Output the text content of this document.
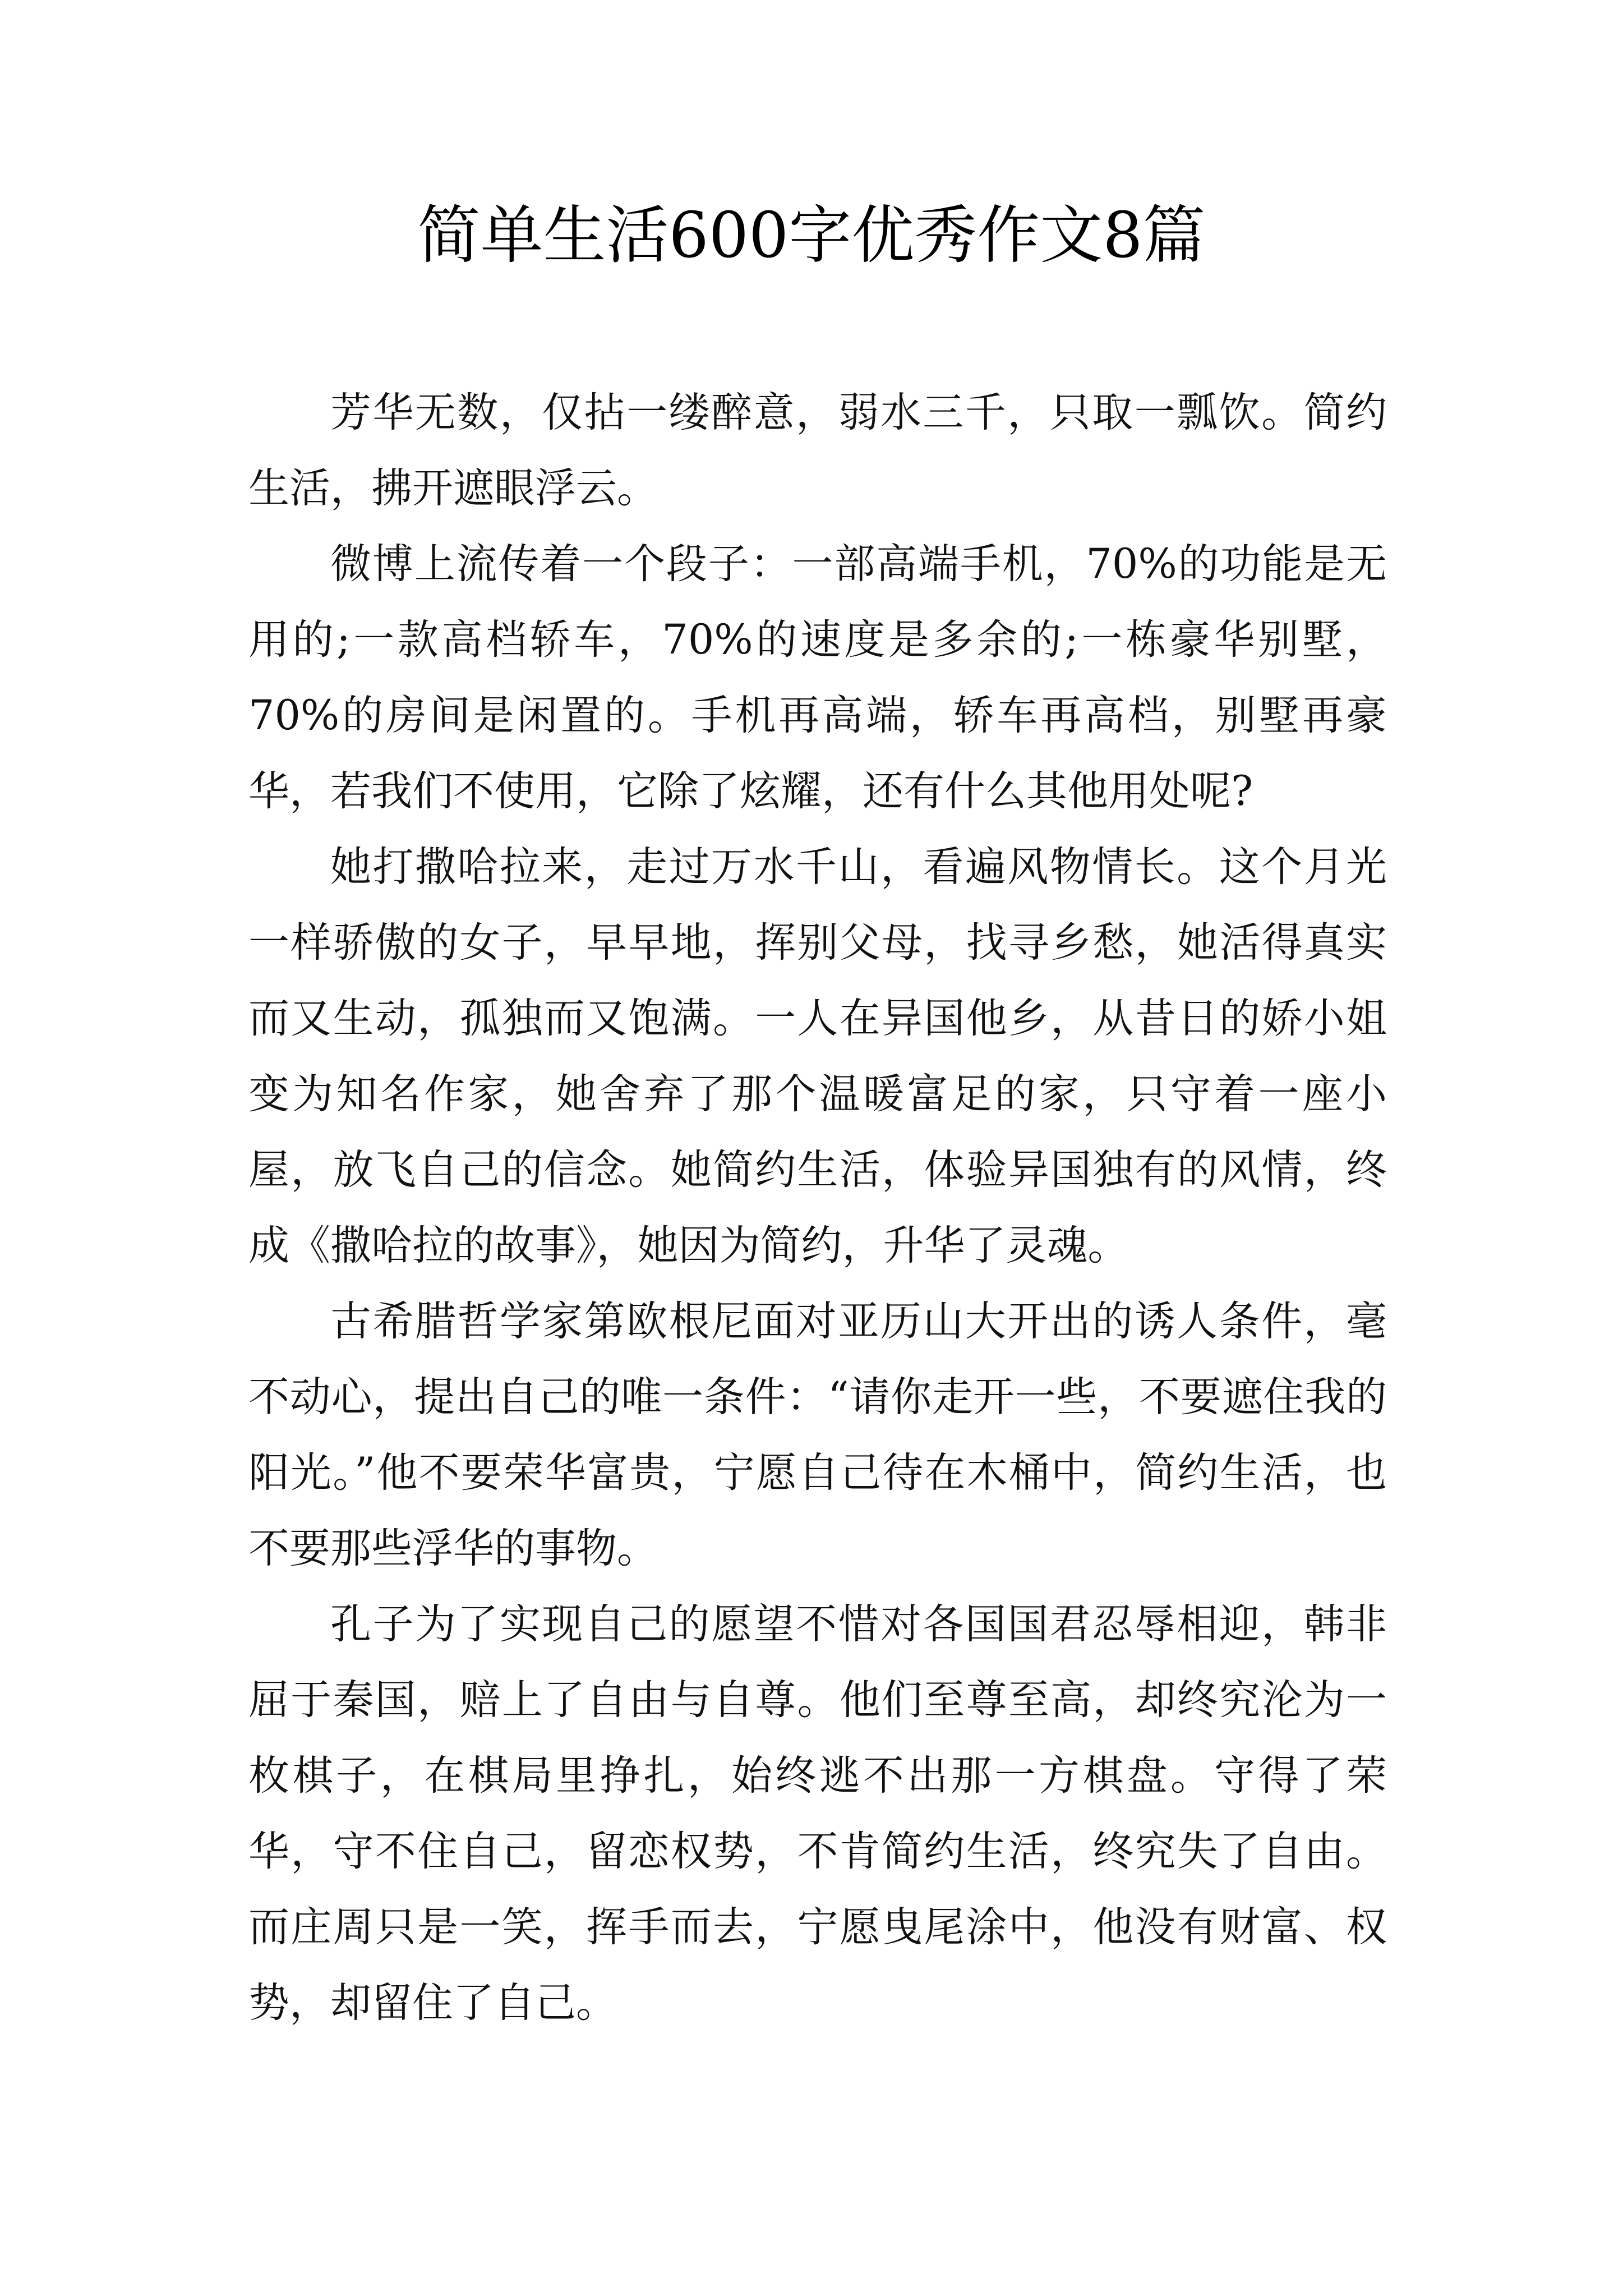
简单生活600字优秀作文8篇

芳华无数，仅拈一缕醉意，弱水三千，只取一瓢饮。简约生活，拂开遮眼浮云。

微博上流传着一个段子：一部高端手机，70%的功能是无用的;一款高档轿车，70%的速度是多余的;一栋豪华别墅，70%的房间是闲置的。手机再高端，轿车再高档，别墅再豪华，若我们不使用，它除了炫耀，还有什么其他用处呢?

她打撒哈拉来，走过万水千山，看遍风物情长。这个月光一样骄傲的女子，早早地，挥别父母，找寻乡愁，她活得真实而又生动，孤独而又饱满。一人在异国他乡，从昔日的娇小姐变为知名作家，她舍弃了那个温暖富足的家，只守着一座小屋，放飞自己的信念。她简约生活，体验异国独有的风情，终成《撒哈拉的故事》，她因为简约，升华了灵魂。

古希腊哲学家第欧根尼面对亚历山大开出的诱人条件，毫不动心，提出自己的唯一条件：“请你走开一些，不要遮住我的阳光。”他不要荣华富贵，宁愿自己待在木桶中，简约生活，也不要那些浮华的事物。

孔子为了实现自己的愿望不惜对各国国君忍辱相迎，韩非屈于秦国，赔上了自由与自尊。他们至尊至高，却终究沦为一枚棋子，在棋局里挣扎，始终逃不出那一方棋盘。守得了荣华，守不住自己，留恋权势，不肯简约生活，终究失了自由。而庄周只是一笑，挥手而去，宁愿曳尾涂中，他没有财富、权势，却留住了自己。
